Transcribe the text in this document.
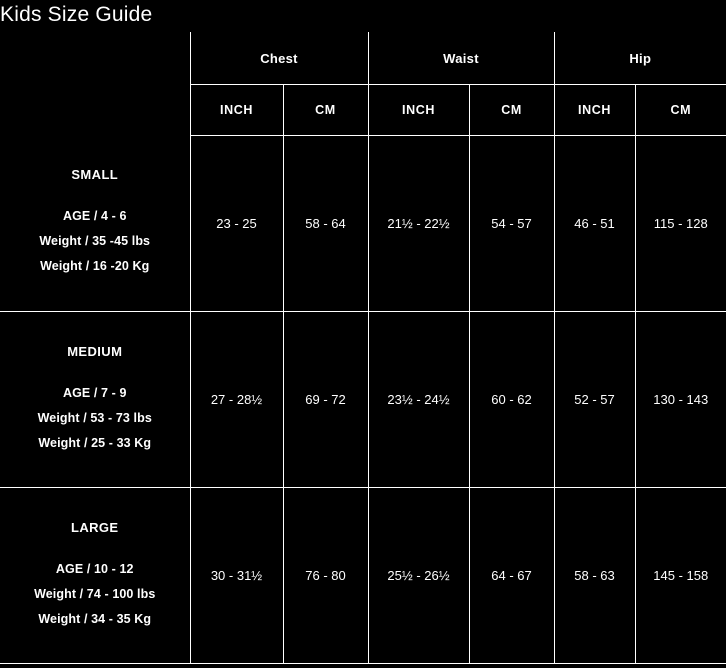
Kids Size Guide
	Chest		Waist		Hip	
	INCH	CM	INCH	CM	INCH	CM

SMALL
AGE / 4 - 6
Weight / 35 -45 lbs
Weight / 16 -20 Kg	23 - 25	58 - 64	21½ - 22½	54 - 57	46 - 51	115 - 128

MEDIUM
AGE / 7 - 9
Weight / 53 - 73 lbs
Weight / 25 - 33 Kg	27 - 28½	69 - 72	23½ - 24½	60 - 62	52 - 57	130 - 143

LARGE
AGE / 10 - 12
Weight / 74 - 100 lbs
Weight / 34 - 35 Kg	30 - 31½	76 - 80	25½ - 26½	64 - 67	58 - 63	145 - 158
